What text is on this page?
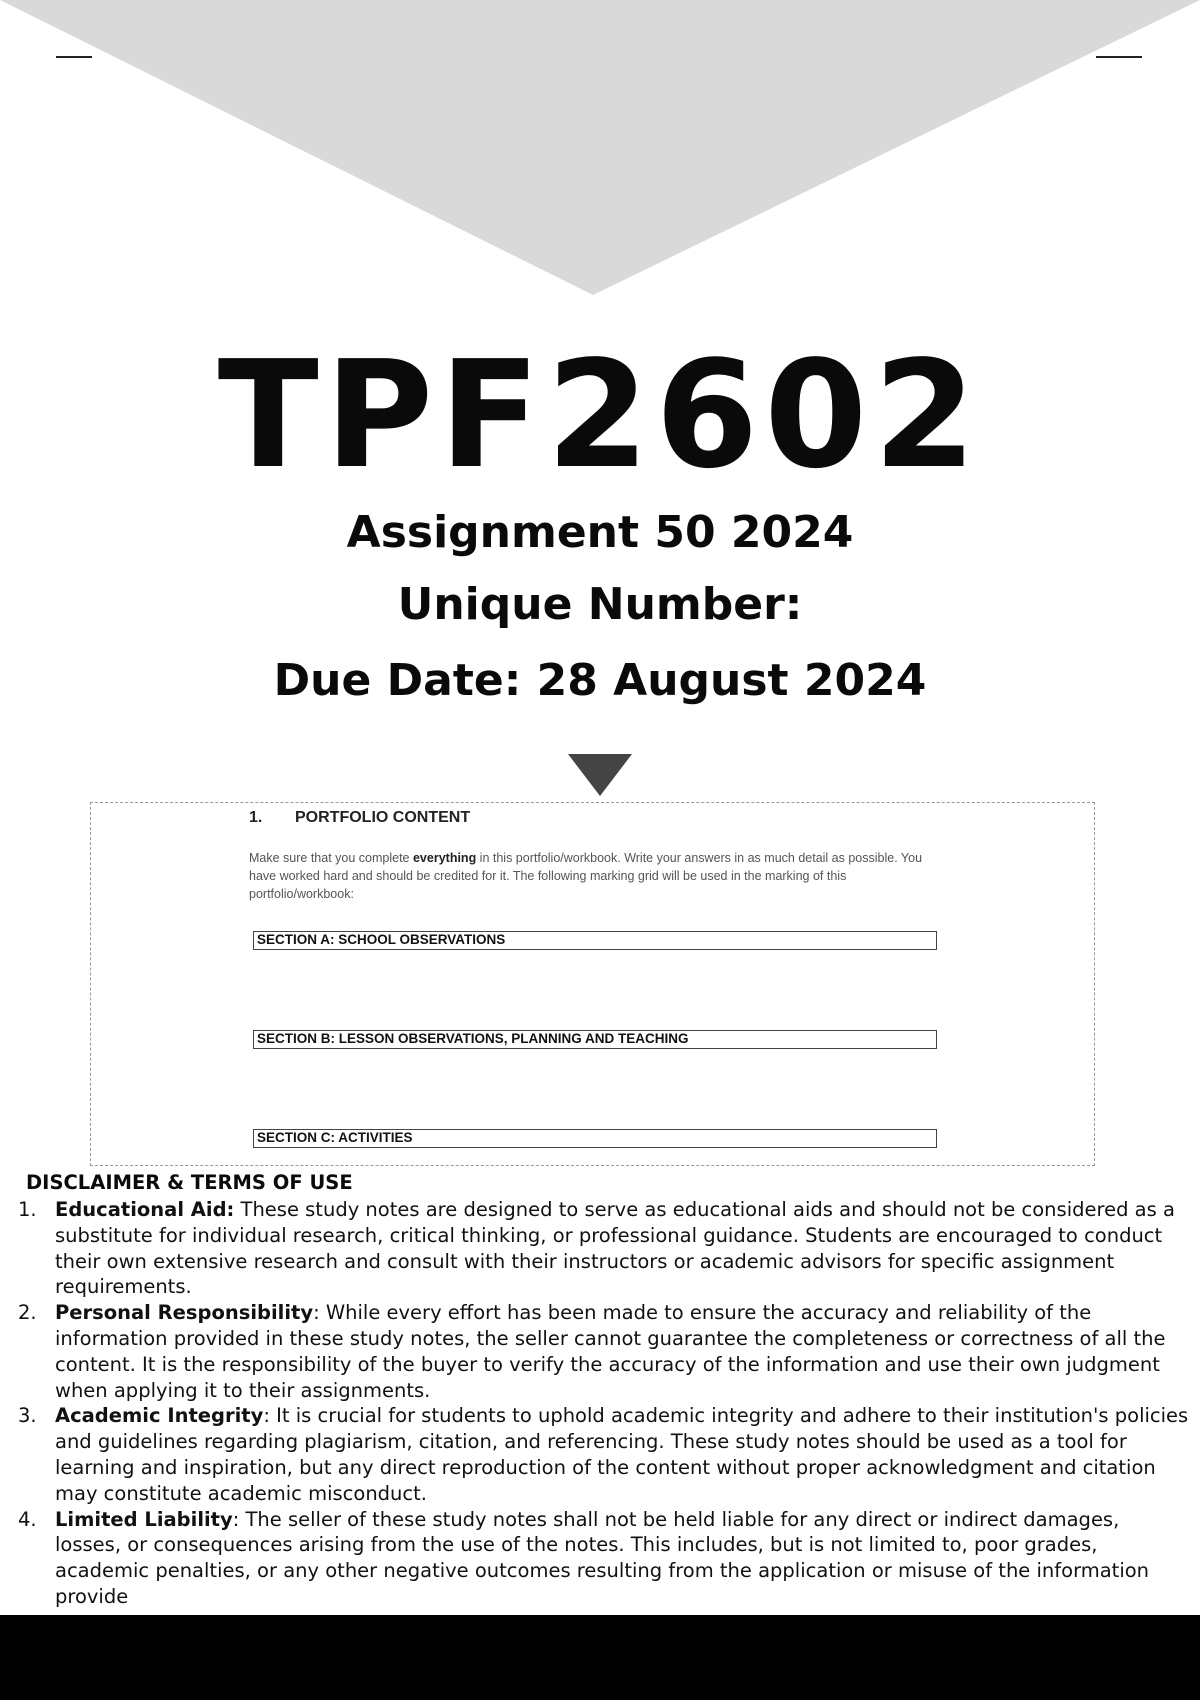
TPF2602
Assignment 50 2024
Unique Number:
Due Date: 28 August 2024
1. PORTFOLIO CONTENT

Make sure that you complete everything in this portfolio/workbook. Write your answers in as much detail as possible. You have worked hard and should be credited for it. The following marking grid will be used in the marking of this portfolio/workbook:

SECTION A: SCHOOL OBSERVATIONS
SECTION B: LESSON OBSERVATIONS, PLANNING AND TEACHING
SECTION C: ACTIVITIES
DISCLAIMER & TERMS OF USE
1. Educational Aid: These study notes are designed to serve as educational aids and should not be considered as a substitute for individual research, critical thinking, or professional guidance. Students are encouraged to conduct their own extensive research and consult with their instructors or academic advisors for specific assignment requirements.
2. Personal Responsibility: While every effort has been made to ensure the accuracy and reliability of the information provided in these study notes, the seller cannot guarantee the completeness or correctness of all the content. It is the responsibility of the buyer to verify the accuracy of the information and use their own judgment when applying it to their assignments.
3. Academic Integrity: It is crucial for students to uphold academic integrity and adhere to their institution's policies and guidelines regarding plagiarism, citation, and referencing. These study notes should be used as a tool for learning and inspiration, but any direct reproduction of the content without proper acknowledgment and citation may constitute academic misconduct.
4. Limited Liability: The seller of these study notes shall not be held liable for any direct or indirect damages, losses, or consequences arising from the use of the notes. This includes, but is not limited to, poor grades, academic penalties, or any other negative outcomes resulting from the application or misuse of the information provide
